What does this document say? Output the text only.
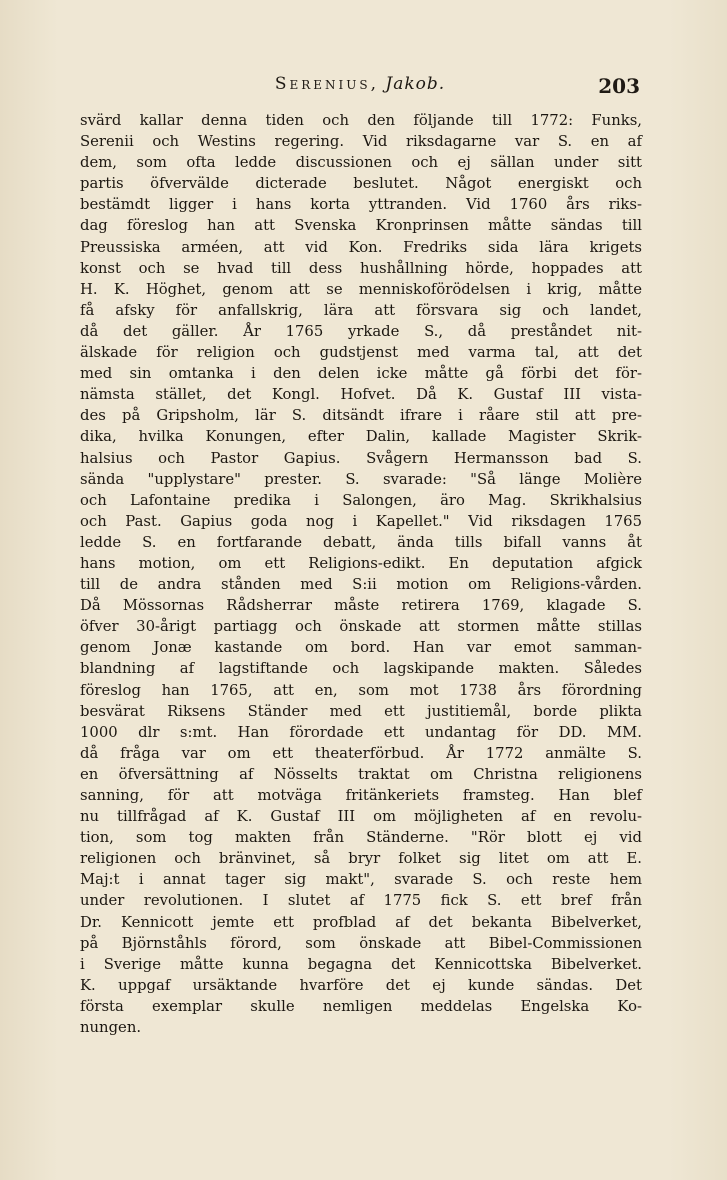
Serenius, Jakob.	203
svärd kallar denna tiden och den följande till 1772: Funks,
Serenii och Westins regering. Vid riksdagarne var S. en af
dem, som ofta ledde discussionen och ej sällan under sitt
partis öfvervälde dicterade beslutet. Något energiskt och
bestämdt ligger i hans korta yttranden. Vid 1760 års riks-
dag föreslog han att Svenska Kronprinsen måtte sändas till
Preussiska arméen, att vid Kon. Fredriks sida lära krigets
konst och se hvad till dess hushållning hörde, hoppades att
H. K. Höghet, genom att se menniskoförödelsen i krig, måtte
få afsky för anfallskrig, lära att försvara sig och landet,
då det gäller. År 1765 yrkade S., då preståndet nit-
älskade för religion och gudstjenst med varma tal, att det
med sin omtanka i den delen icke måtte gå förbi det för-
nämsta stället, det Kongl. Hofvet. Då K. Gustaf III vista-
des på Gripsholm, lär S. ditsändt ifrare i råare stil att pre-
dika, hvilka Konungen, efter Dalin, kallade Magister Skrik-
halsius och Pastor Gapius. Svågern Hermansson bad S.
sända "upplystare" prester. S. svarade: "Så länge Molière
och Lafontaine predika i Salongen, äro Mag. Skrikhalsius
och Past. Gapius goda nog i Kapellet." Vid riksdagen 1765
ledde S. en fortfarande debatt, ända tills bifall vanns åt
hans motion, om ett Religions-edikt. En deputation afgick
till de andra stånden med S:ii motion om Religions-vården.
Då Mössornas Rådsherrar måste retirera 1769, klagade S.
öfver 30-årigt partiagg och önskade att stormen måtte stillas
genom Jonæ kastande om bord. Han var emot samman-
blandning af lagstiftande och lagskipande makten. Således
föreslog han 1765, att en, som mot 1738 års förordning
besvärat Riksens Ständer med ett justitiemål, borde plikta
1000 dlr s:mt. Han förordade ett undantag för DD. MM.
då fråga var om ett theaterförbud. År 1772 anmälte S.
en öfversättning af Nösselts traktat om Christna religionens
sanning, för att motväga fritänkeriets framsteg. Han blef
nu tillfrågad af K. Gustaf III om möjligheten af en revolu-
tion, som tog makten från Ständerne. "Rör blott ej vid
religionen och bränvinet, så bryr folket sig litet om att E.
Maj:t i annat tager sig makt", svarade S. och reste hem
under revolutionen. I slutet af 1775 fick S. ett bref från
Dr. Kennicott jemte ett profblad af det bekanta Bibelverket,
på Björnståhls förord, som önskade att Bibel-Commissionen
i Sverige måtte kunna begagna det Kennicottska Bibelverket.
K. uppgaf ursäktande hvarföre det ej kunde sändas. Det
första exemplar skulle nemligen meddelas Engelska Ko-
nungen.
